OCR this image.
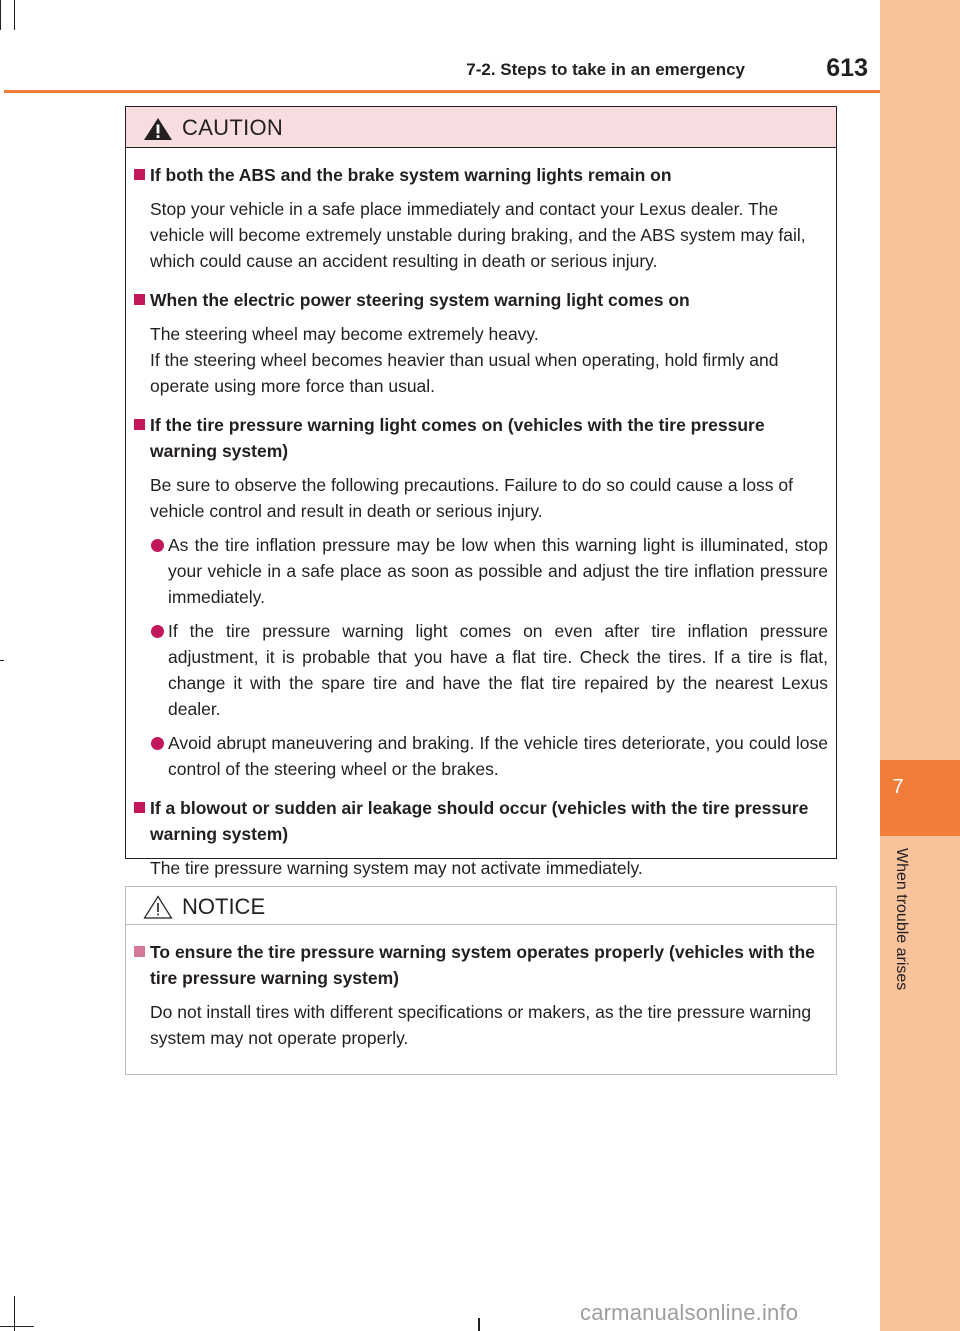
7
When trouble arises
7-2. Steps to take in an emergency	613
CAUTION
If both the ABS and the brake system warning lights remain on

Stop your vehicle in a safe place immediately and contact your Lexus dealer. The vehicle will become extremely unstable during braking, and the ABS system may fail, which could cause an accident resulting in death or serious injury.

When the electric power steering system warning light comes on

The steering wheel may become extremely heavy.

If the steering wheel becomes heavier than usual when operating, hold firmly and operate using more force than usual.

If the tire pressure warning light comes on (vehicles with the tire pressure warning system)

Be sure to observe the following precautions. Failure to do so could cause a loss of vehicle control and result in death or serious injury.

As the tire inflation pressure may be low when this warning light is illuminated, stop your vehicle in a safe place as soon as possible and adjust the tire inflation pressure immediately.
If the tire pressure warning light comes on even after tire inflation pressure adjustment, it is probable that you have a flat tire. Check the tires. If a tire is flat, change it with the spare tire and have the flat tire repaired by the nearest Lexus dealer.
Avoid abrupt maneuvering and braking. If the vehicle tires deteriorate, you could lose control of the steering wheel or the brakes.
If a blowout or sudden air leakage should occur (vehicles with the tire pressure warning system)

The tire pressure warning system may not activate immediately.

NOTICE
To ensure the tire pressure warning system operates properly (vehicles with the tire pressure warning system)

Do not install tires with different specifications or makers, as the tire pressure warning system may not operate properly.

carmanualsonline.info
